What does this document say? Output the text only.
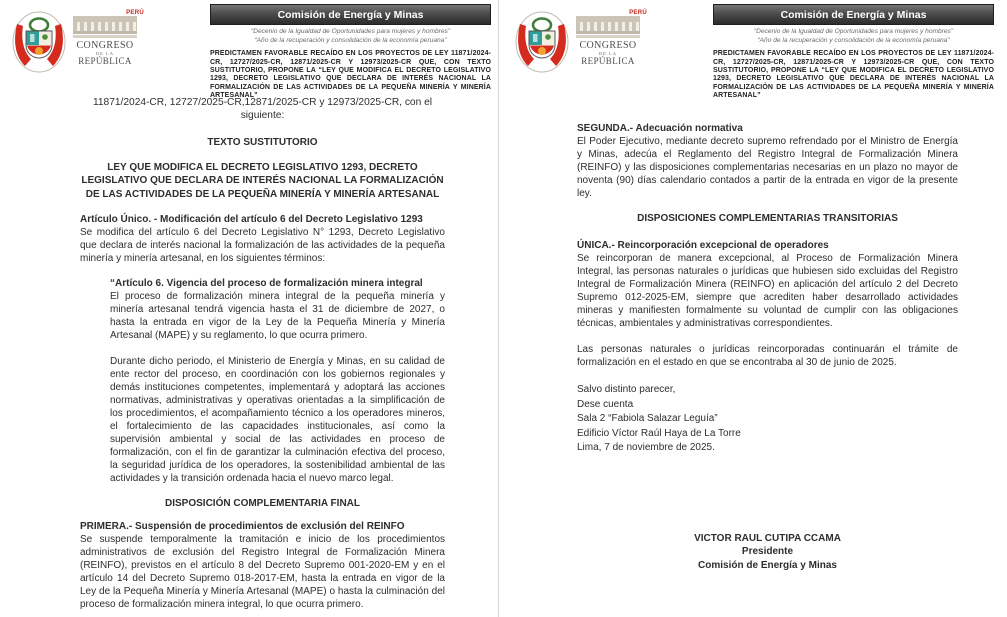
PERÚ
CONGRESO
DE LA
REPÚBLICA
Comisión de Energía y Minas
“Decenio de la Igualdad de Oportunidades para mujeres y hombres”
“Año de la recuperación y consolidación de la economía peruana”
PREDICTAMEN FAVORABLE RECAÍDO EN LOS PROYECTOS DE LEY 11871/2024-CR, 12727/2025-CR, 12871/2025-CR Y 12973/2025-CR QUE, CON TEXTO SUSTITUTORIO, PROPONE LA “LEY QUE MODIFICA EL DECRETO LEGISLATIVO 1293, DECRETO LEGISLATIVO QUE DECLARA DE INTERÉS NACIONAL LA FORMALIZACIÓN DE LAS ACTIVIDADES DE LA PEQUEÑA MINERÍA Y MINERÍA ARTESANAL”
11871/2024-CR, 12727/2025-CR,12871/2025-CR y 12973/2025-CR, con el siguiente:
TEXTO SUSTITUTORIO
LEY QUE MODIFICA EL DECRETO LEGISLATIVO 1293, DECRETO LEGISLATIVO QUE DECLARA DE INTERÉS NACIONAL LA FORMALIZACIÓN DE LAS ACTIVIDADES DE LA PEQUEÑA MINERÍA Y MINERÍA ARTESANAL
Artículo Único. - Modificación del artículo 6 del Decreto Legislativo 1293
Se modifica del artículo 6 del Decreto Legislativo N° 1293, Decreto Legislativo que declara de interés nacional la formalización de las actividades de la pequeña minería y minería artesanal, en los siguientes términos:
“Artículo 6. Vigencia del proceso de formalización minera integral
El proceso de formalización minera integral de la pequeña minería y minería artesanal tendrá vigencia hasta el 31 de diciembre de 2027, o hasta la entrada en vigor de la Ley de la Pequeña Minería y Minería Artesanal (MAPE) y su reglamento, lo que ocurra primero.
Durante dicho periodo, el Ministerio de Energía y Minas, en su calidad de ente rector del proceso, en coordinación con los gobiernos regionales y demás instituciones competentes, implementará y adoptará las acciones normativas, administrativas y operativas orientadas a la simplificación de los procedimientos, el acompañamiento técnico a los operadores mineros, el fortalecimiento de las capacidades institucionales, así como la supervisión ambiental y social de las actividades en proceso de formalización, con el fin de garantizar la culminación efectiva del proceso, la seguridad jurídica de los operadores, la sostenibilidad ambiental de las actividades y la transición ordenada hacia el nuevo marco legal.
DISPOSICIÓN COMPLEMENTARIA FINAL
PRIMERA.- Suspensión de procedimientos de exclusión del REINFO
Se suspende temporalmente la tramitación e inicio de los procedimientos administrativos de exclusión del Registro Integral de Formalización Minera (REINFO), previstos en el artículo 8 del Decreto Supremo 001-2020-EM y en el artículo 14 del Decreto Supremo 018-2017-EM, hasta la entrada en vigor de la Ley de la Pequeña Minería y Minería Artesanal (MAPE) o hasta la culminación del proceso de formalización minera integral, lo que ocurra primero.
PERÚ
CONGRESO
DE LA
REPÚBLICA
Comisión de Energía y Minas
“Decenio de la Igualdad de Oportunidades para mujeres y hombres”
“Año de la recuperación y consolidación de la economía peruana”
PREDICTAMEN FAVORABLE RECAÍDO EN LOS PROYECTOS DE LEY 11871/2024-CR, 12727/2025-CR, 12871/2025-CR Y 12973/2025-CR QUE, CON TEXTO SUSTITUTORIO, PROPONE LA “LEY QUE MODIFICA EL DECRETO LEGISLATIVO 1293, DECRETO LEGISLATIVO QUE DECLARA DE INTERÉS NACIONAL LA FORMALIZACIÓN DE LAS ACTIVIDADES DE LA PEQUEÑA MINERÍA Y MINERÍA ARTESANAL”
SEGUNDA.- Adecuación normativa
El Poder Ejecutivo, mediante decreto supremo refrendado por el Ministro de Energía y Minas, adecúa el Reglamento del Registro Integral de Formalización Minera (REINFO) y las disposiciones complementarias necesarias en un plazo no mayor de noventa (90) días calendario contados a partir de la entrada en vigor de la presente ley.
DISPOSICIONES COMPLEMENTARIAS TRANSITORIAS
ÚNICA.- Reincorporación excepcional de operadores
Se reincorporan de manera excepcional, al Proceso de Formalización Minera Integral, las personas naturales o jurídicas que hubiesen sido excluidas del Registro Integral de Formalización Minera (REINFO) en aplicación del artículo 2 del Decreto Supremo 012-2025-EM, siempre que acrediten haber desarrollado actividades mineras y manifiesten formalmente su voluntad de cumplir con las obligaciones técnicas, ambientales y administrativas correspondientes.
Las personas naturales o jurídicas reincorporadas continuarán el trámite de formalización en el estado en que se encontraba al 30 de junio de 2025.
Salvo distinto parecer,
Dese cuenta
Sala 2 “Fabiola Salazar Leguía”
Edificio Víctor Raúl Haya de La Torre
Lima, 7 de noviembre de 2025.
VICTOR RAUL CUTIPA CCAMA
Presidente
Comisión de Energía y Minas
